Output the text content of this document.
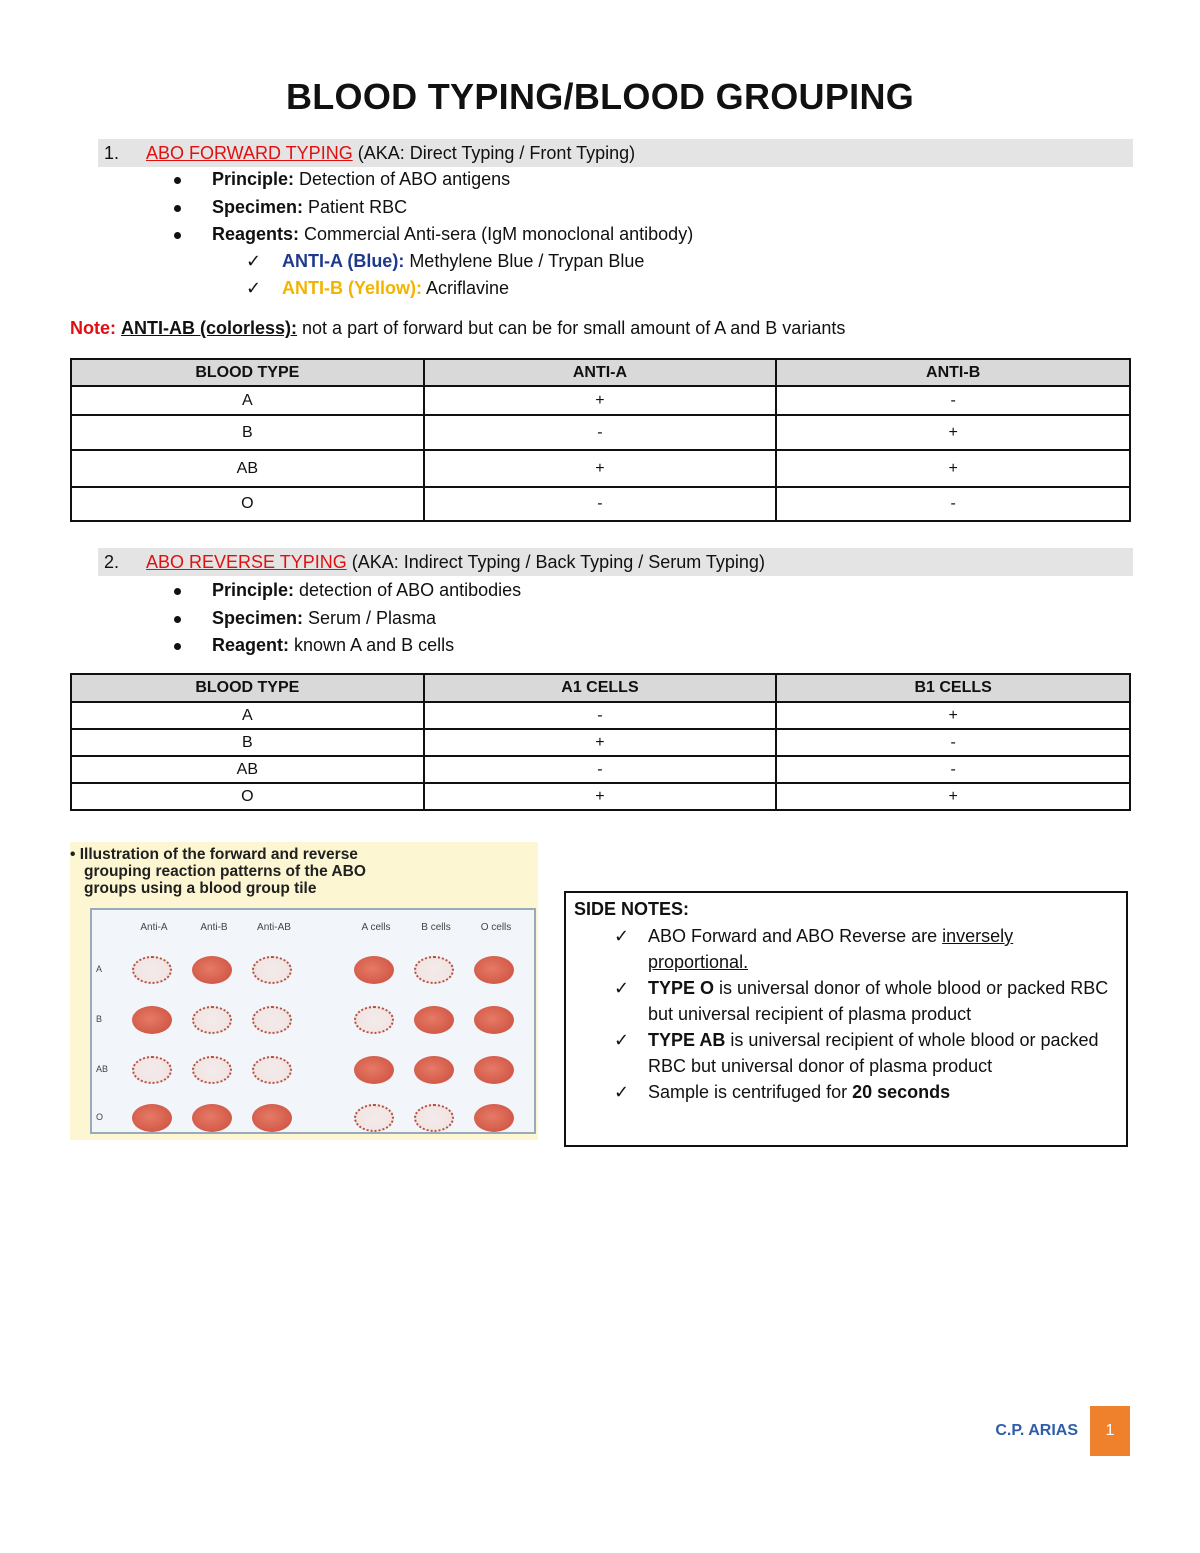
BLOOD TYPING/BLOOD GROUPING
1. ABO FORWARD TYPING (AKA: Direct Typing / Front Typing)
Principle: Detection of ABO antigens
Specimen: Patient RBC
Reagents: Commercial Anti-sera (IgM monoclonal antibody)
✓ ANTI-A (Blue): Methylene Blue / Trypan Blue
✓ ANTI-B (Yellow): Acriflavine
Note: ANTI-AB (colorless): not a part of forward but can be for small amount of A and B variants
BLOOD TYPE	ANTI-A	ANTI-B
A	+	-
B	-	+
AB	+	+
O	-	-
2. ABO REVERSE TYPING (AKA: Indirect Typing / Back Typing / Serum Typing)
Principle: detection of ABO antibodies
Specimen: Serum / Plasma
Reagent: known A and B cells
BLOOD TYPE	A1 CELLS	B1 CELLS
A	-	+
B	+	-
AB	-	-
O	+	+
• Illustration of the forward and reverse
grouping reaction patterns of the ABO
groups using a blood group tile
Anti-A	Anti-B	Anti-AB	A cells	B cells	O cells
A
B
AB
O
SIDE NOTES:
✓ ABO Forward and ABO Reverse are inversely proportional.
✓ TYPE O is universal donor of whole blood or packed RBC but universal recipient of plasma product
✓ TYPE AB is universal recipient of whole blood or packed RBC but universal donor of plasma product
✓ Sample is centrifuged for 20 seconds
C.P. ARIAS	1
